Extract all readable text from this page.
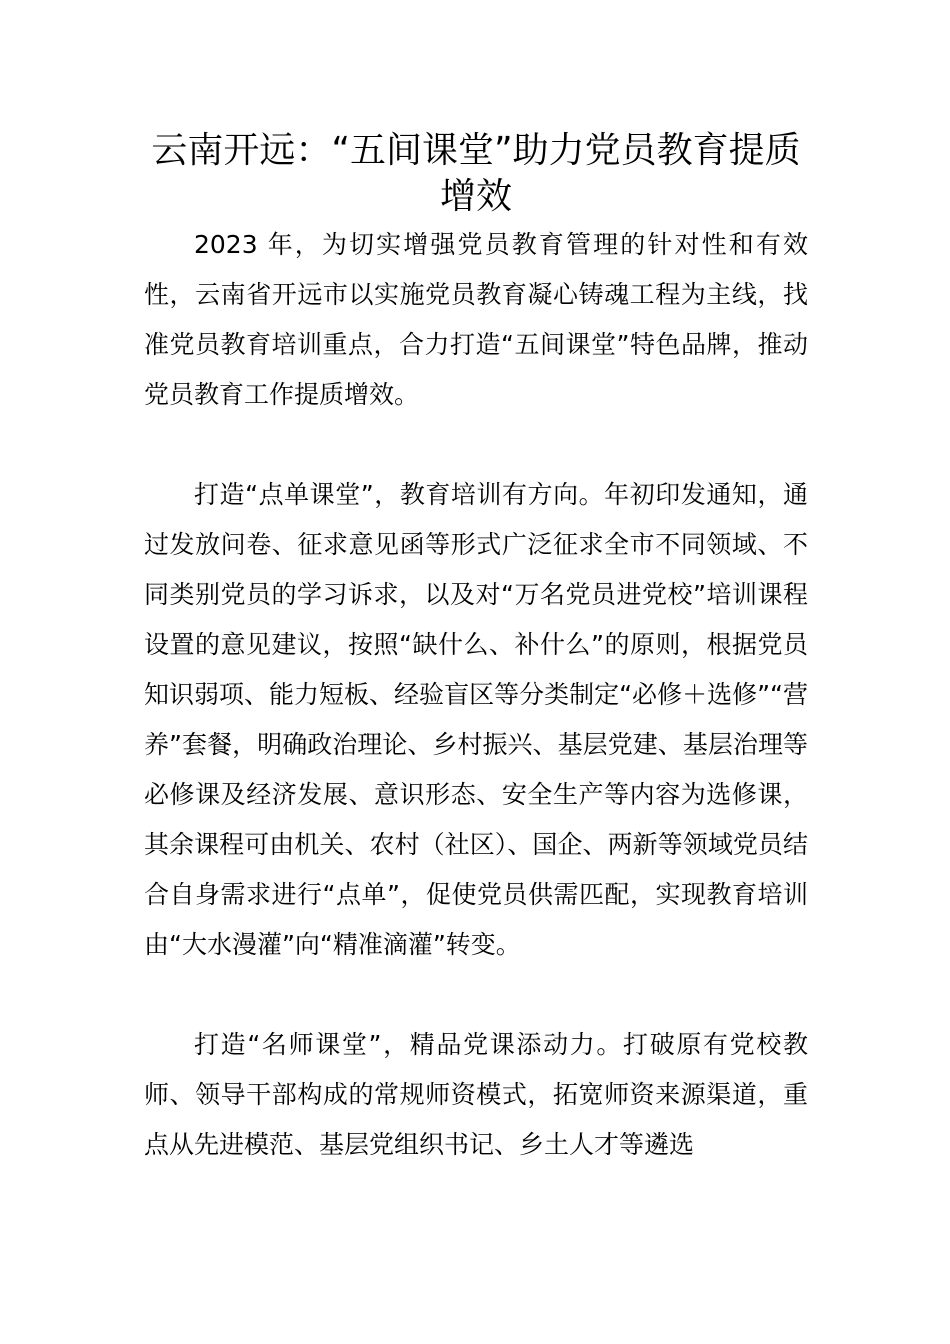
云南开远：“五间课堂”助力党员教育提质增效

2023 年，为切实增强党员教育管理的针对性和有效性，云南省开远市以实施党员教育凝心铸魂工程为主线，找准党员教育培训重点，合力打造“五间课堂”特色品牌，推动党员教育工作提质增效。

打造“点单课堂”，教育培训有方向。年初印发通知，通过发放问卷、征求意见函等形式广泛征求全市不同领域、不同类别党员的学习诉求，以及对“万名党员进党校”培训课程设置的意见建议，按照“缺什么、补什么”的原则，根据党员知识弱项、能力短板、经验盲区等分类制定“必修＋选修”“营养”套餐，明确政治理论、乡村振兴、基层党建、基层治理等必修课及经济发展、意识形态、安全生产等内容为选修课，其余课程可由机关、农村（社区）、国企、两新等领域党员结合自身需求进行“点单”，促使党员供需匹配，实现教育培训由“大水漫灌”向“精准滴灌”转变。

打造“名师课堂”，精品党课添动力。打破原有党校教师、领导干部构成的常规师资模式，拓宽师资来源渠道，重点从先进模范、基层党组织书记、乡土人才等遴选
